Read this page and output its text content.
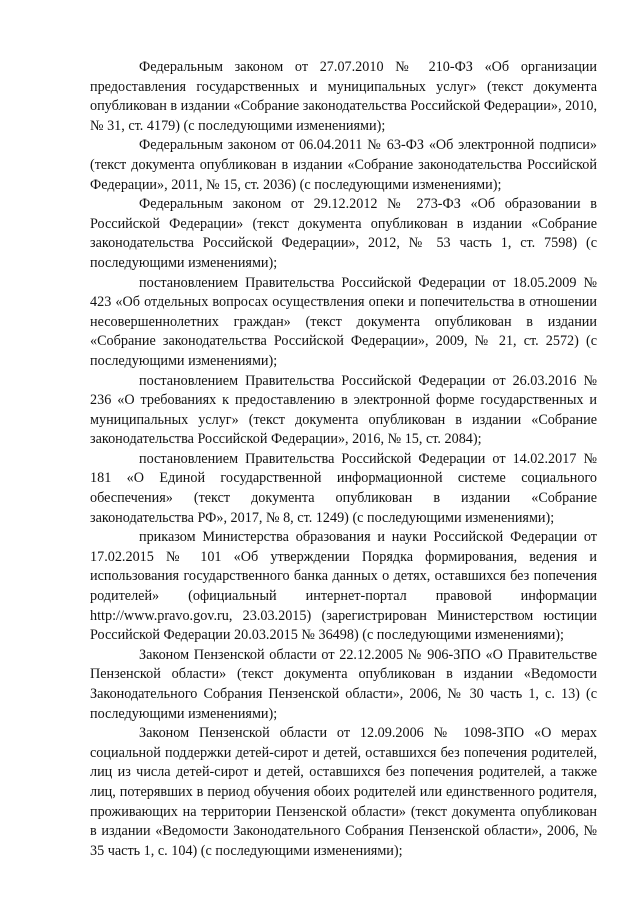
Федеральным законом от 27.07.2010 № 210-ФЗ «Об организации предоставления государственных и муниципальных услуг» (текст документа опубликован в издании «Собрание законодательства Российской Федерации», 2010, № 31, ст. 4179) (с последующими изменениями);

Федеральным законом от 06.04.2011 № 63-ФЗ «Об электронной подписи» (текст документа опубликован в издании «Собрание законодательства Российской Федерации», 2011, № 15, ст. 2036) (с последующими изменениями);

Федеральным законом от 29.12.2012 № 273-ФЗ «Об образовании в Российской Федерации» (текст документа опубликован в издании «Собрание законодательства Российской Федерации», 2012, № 53 часть 1, ст. 7598) (с последующими изменениями);

постановлением Правительства Российской Федерации от 18.05.2009 № 423 «Об отдельных вопросах осуществления опеки и попечительства в отношении несовершеннолетних граждан» (текст документа опубликован в издании «Собрание законодательства Российской Федерации», 2009, № 21, ст. 2572) (с последующими изменениями);

постановлением Правительства Российской Федерации от 26.03.2016 № 236 «О требованиях к предоставлению в электронной форме государственных и муниципальных услуг» (текст документа опубликован в издании «Собрание законодательства Российской Федерации», 2016, № 15, ст. 2084);

постановлением Правительства Российской Федерации от 14.02.2017 № 181 «О Единой государственной информационной системе социального обеспечения» (текст документа опубликован в издании «Собрание законодательства РФ», 2017, № 8, ст. 1249) (с последующими изменениями);

приказом Министерства образования и науки Российской Федерации от 17.02.2015 № 101 «Об утверждении Порядка формирования, ведения и использования государственного банка данных о детях, оставшихся без попечения родителей» (официальный интернет-портал правовой информации http://www.pravo.gov.ru, 23.03.2015) (зарегистрирован Министерством юстиции Российской Федерации 20.03.2015 № 36498) (с последующими изменениями);

Законом Пензенской области от 22.12.2005 № 906-ЗПО «О Правительстве Пензенской области» (текст документа опубликован в издании «Ведомости Законодательного Собрания Пензенской области», 2006, № 30 часть 1, с. 13) (с последующими изменениями);

Законом Пензенской области от 12.09.2006 № 1098-ЗПО «О мерах социальной поддержки детей-сирот и детей, оставшихся без попечения родителей, лиц из числа детей-сирот и детей, оставшихся без попечения родителей, а также лиц, потерявших в период обучения обоих родителей или единственного родителя, проживающих на территории Пензенской области» (текст документа опубликован в издании «Ведомости Законодательного Собрания Пензенской области», 2006, № 35 часть 1, с. 104) (с последующими изменениями);
